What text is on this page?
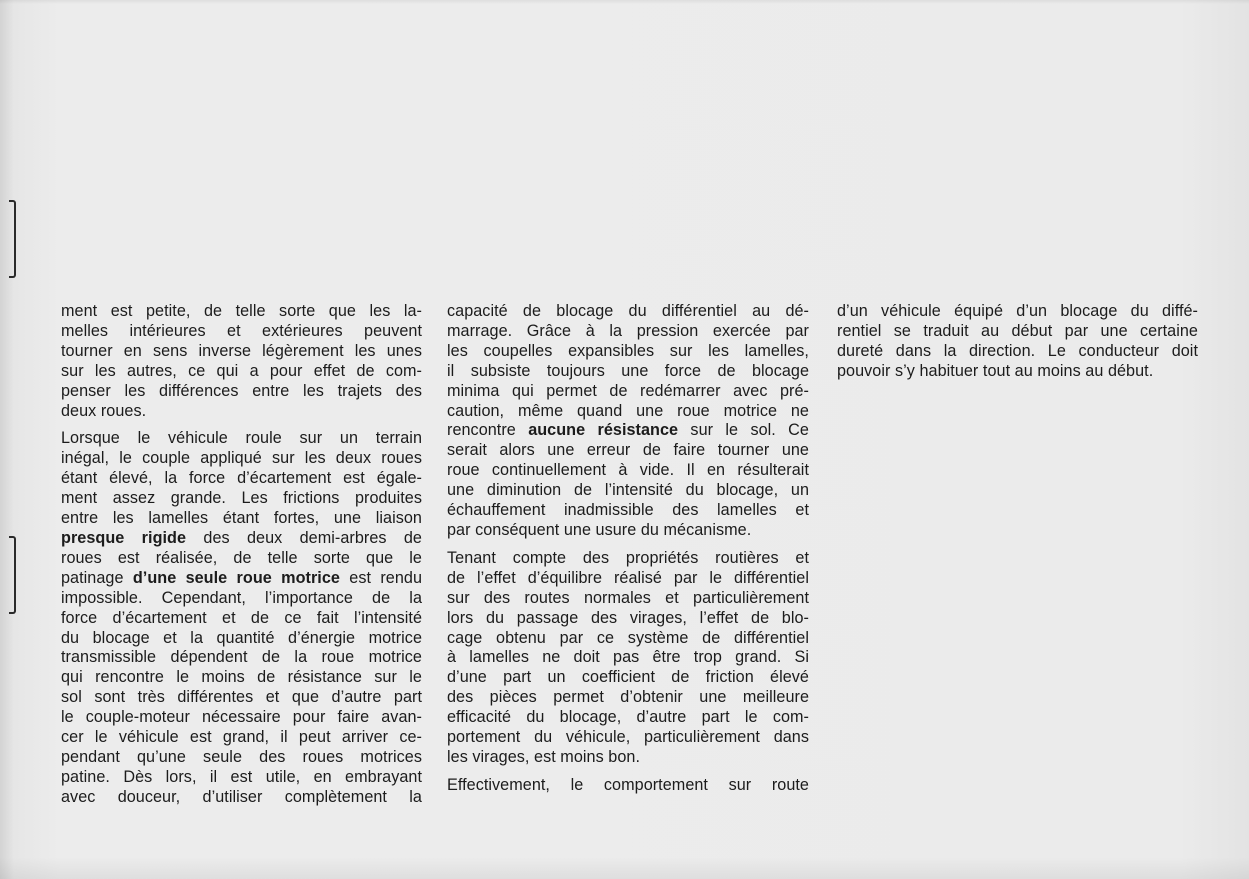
ment est petite, de telle sorte que les la-
melles intérieures et extérieures peuvent
tourner en sens inverse légèrement les unes
sur les autres, ce qui a pour effet de com-
penser les différences entre les trajets des
deux roues.
Lorsque le véhicule roule sur un terrain
inégal, le couple appliqué sur les deux roues
étant élevé, la force d’écartement est égale-
ment assez grande. Les frictions produites
entre les lamelles étant fortes, une liaison
presque rigide des deux demi-arbres de
roues est réalisée, de telle sorte que le
patinage d’une seule roue motrice est rendu
impossible. Cependant, l’importance de la
force d’écartement et de ce fait l’intensité
du blocage et la quantité d’énergie motrice
transmissible dépendent de la roue motrice
qui rencontre le moins de résistance sur le
sol sont très différentes et que d’autre part
le couple-moteur nécessaire pour faire avan-
cer le véhicule est grand, il peut arriver ce-
pendant qu’une seule des roues motrices
patine. Dès lors, il est utile, en embrayant
avec douceur, d’utiliser complètement la
capacité de blocage du différentiel au dé-
marrage. Grâce à la pression exercée par
les coupelles expansibles sur les lamelles,
il subsiste toujours une force de blocage
minima qui permet de redémarrer avec pré-
caution, même quand une roue motrice ne
rencontre aucune résistance sur le sol. Ce
serait alors une erreur de faire tourner une
roue continuellement à vide. Il en résulterait
une diminution de l’intensité du blocage, un
échauffement inadmissible des lamelles et
par conséquent une usure du mécanisme.
Tenant compte des propriétés routières et
de l’effet d’équilibre réalisé par le différentiel
sur des routes normales et particulièrement
lors du passage des virages, l’effet de blo-
cage obtenu par ce système de différentiel
à lamelles ne doit pas être trop grand. Si
d’une part un coefficient de friction élevé
des pièces permet d’obtenir une meilleure
efficacité du blocage, d’autre part le com-
portement du véhicule, particulièrement dans
les virages, est moins bon.
Effectivement, le comportement sur route
d’un véhicule équipé d’un blocage du diffé-
rentiel se traduit au début par une certaine
dureté dans la direction. Le conducteur doit
pouvoir s’y habituer tout au moins au début.
